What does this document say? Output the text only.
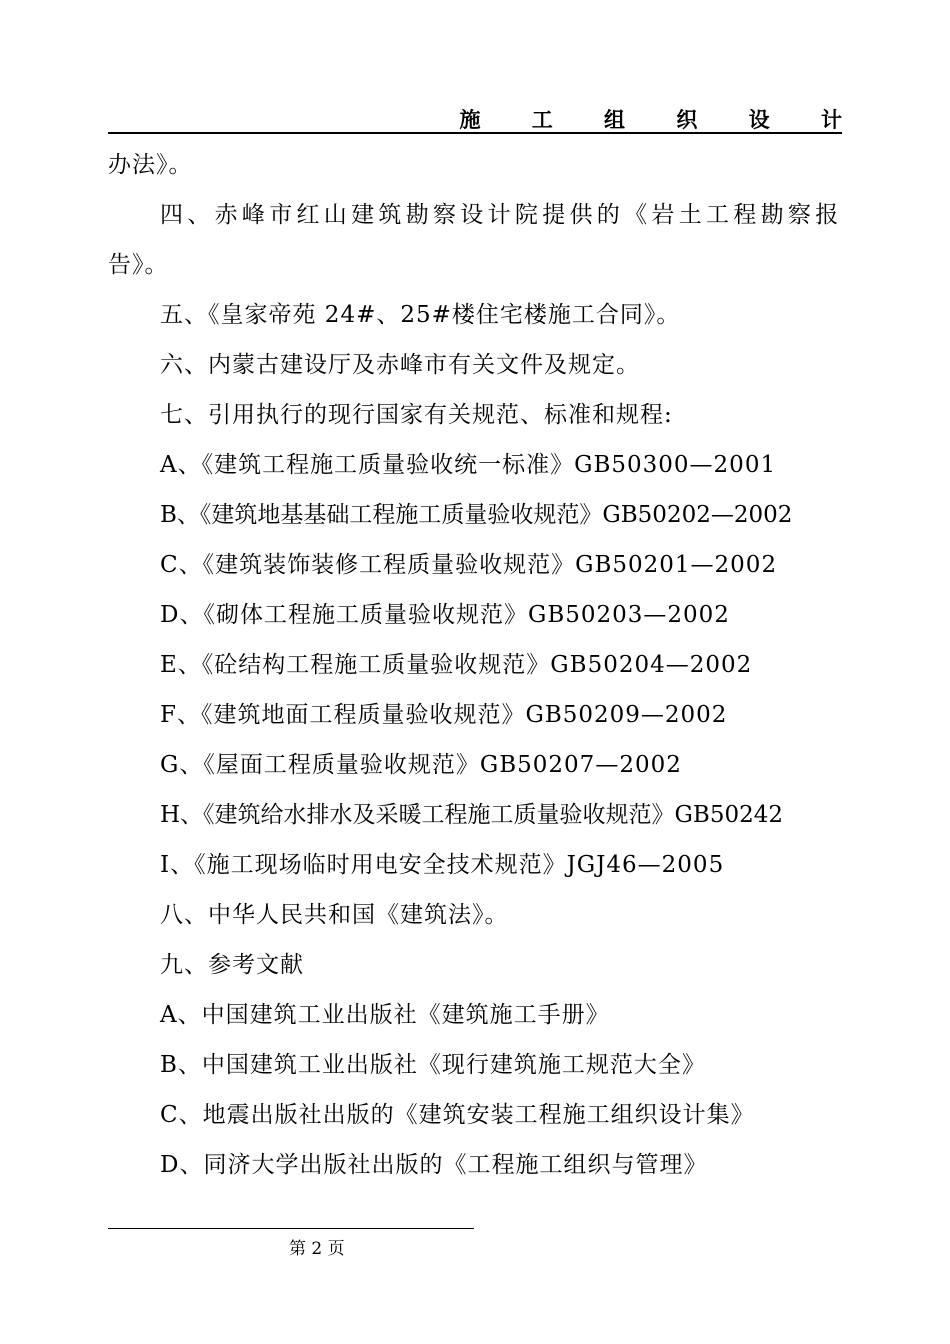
施 工 组 织 设 计

办法》。

四、赤峰市红山建筑勘察设计院提供的《岩土工程勘察报

告》。

五、《皇家帝苑 24#、25#楼住宅楼施工合同》。

六、内蒙古建设厅及赤峰市有关文件及规定。

七、引用执行的现行国家有关规范、标准和规程:

A、《建筑工程施工质量验收统一标准》GB50300—2001

B、《建筑地基基础工程施工质量验收规范》GB50202—2002

C、《建筑装饰装修工程质量验收规范》GB50201—2002

D、《砌体工程施工质量验收规范》GB50203—2002

E、《砼结构工程施工质量验收规范》GB50204—2002

F、《建筑地面工程质量验收规范》GB50209—2002

G、《屋面工程质量验收规范》GB50207—2002

H、《建筑给水排水及采暖工程施工质量验收规范》GB50242

I、《施工现场临时用电安全技术规范》JGJ46—2005

八、中华人民共和国《建筑法》。

九、参考文献

A、中国建筑工业出版社《建筑施工手册》

B、中国建筑工业出版社《现行建筑施工规范大全》

C、地震出版社出版的《建筑安装工程施工组织设计集》

D、同济大学出版社出版的《工程施工组织与管理》

第 2 页
